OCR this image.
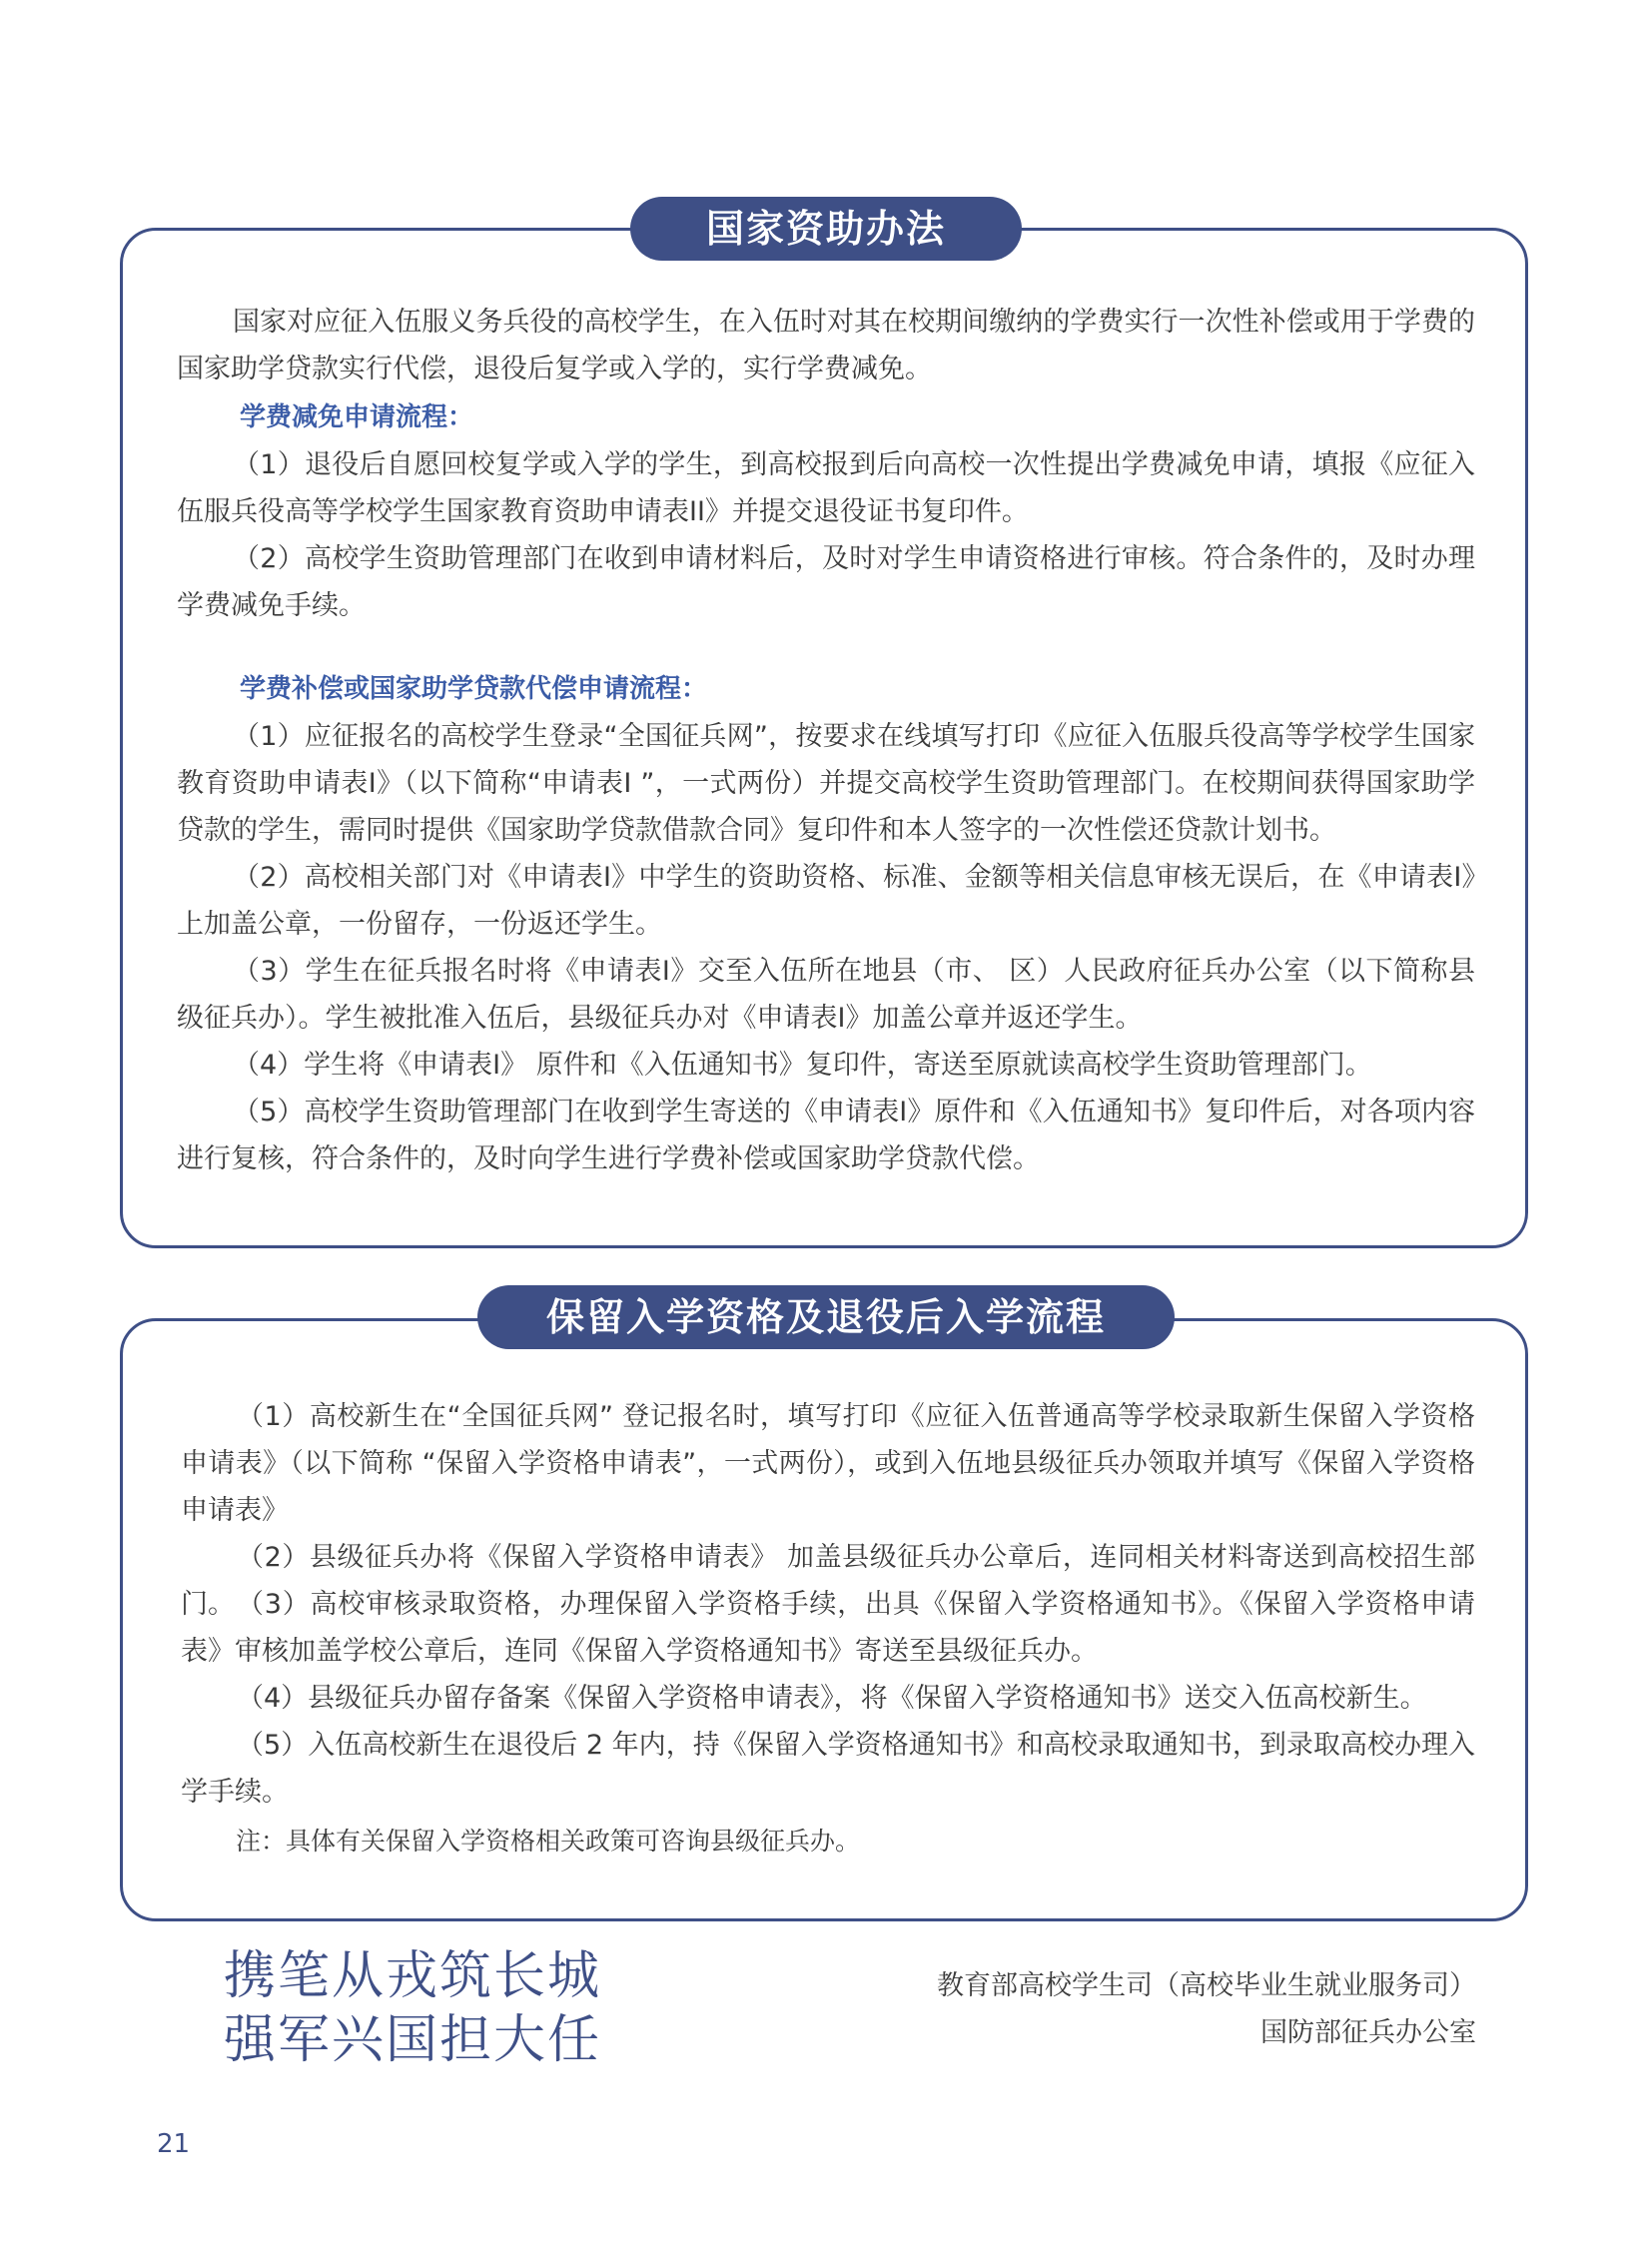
国家资助办法

国家对应征入伍服义务兵役的高校学生，在入伍时对其在校期间缴纳的学费实行一次性补偿或用于学费的国家助学贷款实行代偿，退役后复学或入学的，实行学费减免。

学费减免申请流程：

（1）退役后自愿回校复学或入学的学生，到高校报到后向高校一次性提出学费减免申请，填报《应征入伍服兵役高等学校学生国家教育资助申请表II》并提交退役证书复印件。

（2）高校学生资助管理部门在收到申请材料后，及时对学生申请资格进行审核。符合条件的，及时办理学费减免手续。

学费补偿或国家助学贷款代偿申请流程：

（1）应征报名的高校学生登录“全国征兵网”，按要求在线填写打印《应征入伍服兵役高等学校学生国家教育资助申请表I》（以下简称“申请表I ”，一式两份）并提交高校学生资助管理部门。在校期间获得国家助学贷款的学生，需同时提供《国家助学贷款借款合同》复印件和本人签字的一次性偿还贷款计划书。

（2）高校相关部门对《申请表I》中学生的资助资格、标准、金额等相关信息审核无误后，在《申请表I》上加盖公章，一份留存，一份返还学生。

（3）学生在征兵报名时将《申请表I》交至入伍所在地县（市、 区）人民政府征兵办公室（以下简称县级征兵办）。学生被批准入伍后，县级征兵办对《申请表I》加盖公章并返还学生。

（4）学生将《申请表I》 原件和《入伍通知书》复印件，寄送至原就读高校学生资助管理部门。

（5）高校学生资助管理部门在收到学生寄送的《申请表I》原件和《入伍通知书》复印件后，对各项内容进行复核，符合条件的，及时向学生进行学费补偿或国家助学贷款代偿。

保留入学资格及退役后入学流程

（1）高校新生在“全国征兵网” 登记报名时，填写打印《应征入伍普通高等学校录取新生保留入学资格申请表》（以下简称 “保留入学资格申请表”，一式两份），或到入伍地县级征兵办领取并填写《保留入学资格申请表》

（2）县级征兵办将《保留入学资格申请表》 加盖县级征兵办公章后，连同相关材料寄送到高校招生部门。 （3）高校审核录取资格，办理保留入学资格手续，出具《保留入学资格通知书》。《保留入学资格申请表》审核加盖学校公章后，连同《保留入学资格通知书》寄送至县级征兵办。

（4）县级征兵办留存备案《保留入学资格申请表》，将《保留入学资格通知书》送交入伍高校新生。

（5）入伍高校新生在退役后 2 年内，持《保留入学资格通知书》和高校录取通知书，到录取高校办理入学手续。

注：具体有关保留入学资格相关政策可咨询县级征兵办。

携笔从戎筑长城

强军兴国担大任

教育部高校学生司（高校毕业生就业服务司）

国防部征兵办公室

21
